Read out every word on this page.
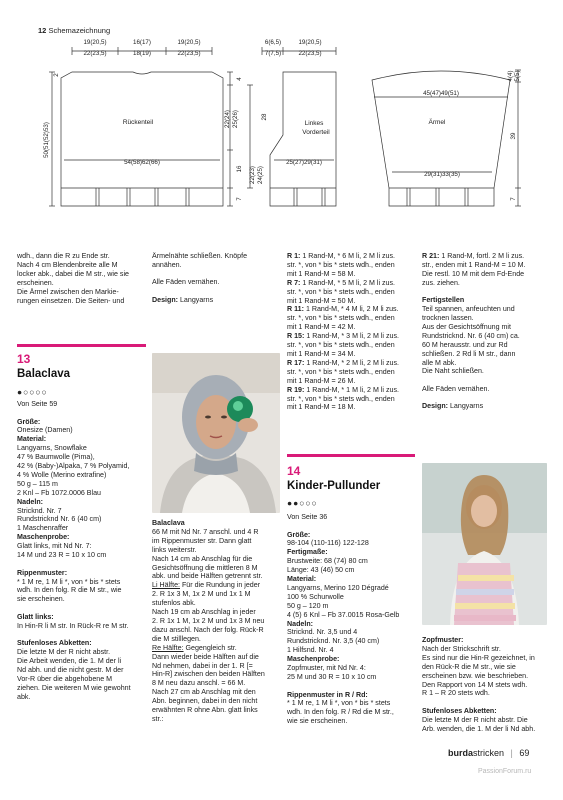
12 Schemazeichnung
19(20,5)
22(23,5)
16(17)
18(19)
19(20,5)
22(23,5)
50(51(52)53)
2
Rückenteil
54(58)62(66)
4
22(24) 25(26)	28
16 22(23) 24(25)
7
6(6,5)
7(7,5)
19(20,5)
22(23,5)
Linkes
Vorderteil
25(27)29(31)
45(47)49(51)
Ärmel
29(31)33(35)
4(4) 5(5)
39
7
wdh., dann die R zu Ende str.
Nach 4 cm Blendenbreite alle M
locker abk., dabei die M str., wie sie
erscheinen.
Die Ärmel zwischen den Markie-
rungen einsetzen. Die Seiten- und

Ärmelnähte schließen. Knöpfe
annähen.

Alle Fäden vernähen.

Design: Langyarns

R 1: 1 Rand-M, * 6 M li, 2 M li zus.
str. *, von * bis * stets wdh., enden
mit 1 Rand-M = 58 M.
R 7: 1 Rand-M, * 5 M li, 2 M li zus.
str. *, von * bis * stets wdh., enden
mit 1 Rand-M = 50 M.
R 11: 1 Rand-M, * 4 M li, 2 M li zus.
str. *, von * bis * stets wdh., enden
mit 1 Rand-M = 42 M.
R 15: 1 Rand-M, * 3 M li, 2 M li zus.
str. *, von * bis * stets wdh., enden
mit 1 Rand-M = 34 M.
R 17: 1 Rand-M, * 2 M li, 2 M li zus.
str. *, von * bis * stets wdh., enden
mit 1 Rand-M = 26 M.
R 19: 1 Rand-M, * 1 M li, 2 M li zus.
str. *, von * bis * stets wdh., enden
mit 1 Rand-M = 18 M.

R 21: 1 Rand-M, fortl. 2 M li zus.
str., enden mit 1 Rand-M = 10 M.
Die restl. 10 M mit dem Fd-Ende
zus. ziehen.

Fertigstellen
Teil spannen, anfeuchten und
trocknen lassen.
Aus der Gesichtsöffnung mit
Rundstricknd. Nr. 6 (40 cm) ca.
60 M herausstr. und zur Rd
schließen. 2 Rd li M str., dann
alle M abk.
Die Naht schließen.

Alle Fäden vernähen.

Design: Langyarns

13
Balaclava
●○○○○

Von Seite 59

Größe:
Onesize (Damen)
Material:
Langyarns, Snowflake
47 % Baumwolle (Pima),
42 % (Baby-)Alpaka, 7 % Polyamid,
4 % Wolle (Merino extrafine)
50 g – 115 m
2 Knl – Fb 1072.0006 Blau
Nadeln:
Stricknd. Nr. 7
Rundstricknd Nr. 6 (40 cm)
1 Maschenraffer
Maschenprobe:
Glatt links, mit Nd Nr. 7:

14 M und 23 R = 10 x 10 cm

Rippenmuster:
* 1 M re, 1 M li *, von * bis * stets
wdh. In den folg. R die M str., wie

sie erscheinen.

Glatt links:

In Hin-R li M str. In Rück-R re M str.

Stufenloses Abketten:
Die letzte M der R nicht abstr.
Die Arbeit wenden, die 1. M der li
Nd abh. und die nicht gestr. M der
Vor-R über die abgehobene M
ziehen. Die weiteren M wie gewohnt
abk.
Balaclava
66 M mit Nd Nr. 7 anschl. und 4 R
im Rippenmuster str. Dann glatt
links weiterstr.
Nach 14 cm ab Anschlag für die
Gesichtsöffnung die mittleren 8 M
abk. und beide Hälften getrennt str.
Li Hälfte: Für die Rundung in jeder
2. R 1x 3 M, 1x 2 M und 1x 1 M
stufenlos abk.
Nach 19 cm ab Anschlag in jeder
2. R 1x 1 M, 1x 2 M und 1x 3 M neu
dazu anschl. Nach der folg. Rück-R
die M stilllegen.
Re Hälfte: Gegengleich str.
Dann wieder beide Hälften auf die
Nd nehmen, dabei in der 1. R [=
Hin-R] zwischen den beiden Hälften
8 M neu dazu anschl. = 66 M.
Nach 27 cm ab Anschlag mit den
Abn. beginnen, dabei in den nicht
erwähnten R ohne Abn. glatt links
str.:
14
Kinder-Pullunder
●●○○○

Von Seite 36

Größe:
98-104 (110-116) 122-128
Fertigmaße:
Brustweite: 68 (74) 80 cm
Länge: 43 (46) 50 cm
Material:
Langyarns, Merino 120 Dégradé
100 % Schurwolle
50 g – 120 m
4 (5) 6 Knl – Fb 37.0015 Rosa-Gelb
Nadeln:
Stricknd. Nr. 3,5 und 4
Rundstricknd. Nr. 3,5 (40 cm)
1 Hilfsnd. Nr. 4
Maschenprobe:
Zopfmuster, mit Nd Nr. 4:

25 M und 30 R = 10 x 10 cm

Rippenmuster in R / Rd:
* 1 M re, 1 M li *, von * bis * stets
wdh. In den folg. R / Rd die M str.,
wie sie erscheinen.
Zopfmuster:
Nach der Strickschrift str.
Es sind nur die Hin-R gezeichnet, in
den Rück-R die M str., wie sie
erscheinen bzw. wie beschrieben.
Den Rapport von 14 M stets wdh.

R 1 – R 20 stets wdh.

Stufenloses Abketten:
Die letzte M der R nicht abstr. Die
Arb. wenden, die 1. M der li Nd abh.
burdastricken | 69
PassionForum.ru
